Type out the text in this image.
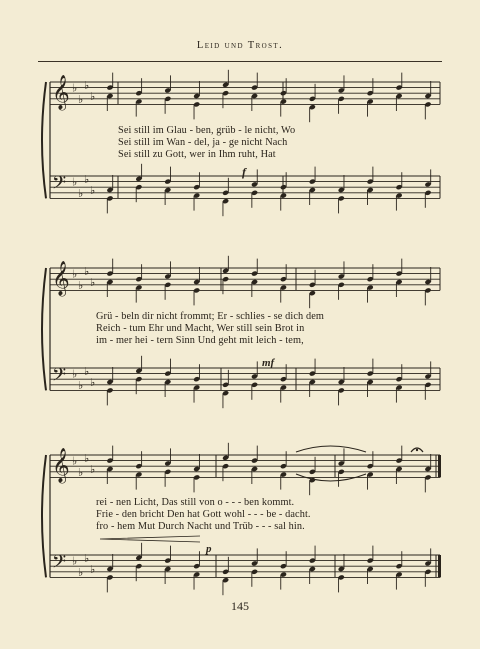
Leid und Trost.
𝄞 ♭
♭
♭
♭
𝄢 ♭
♭
♭
♭
𝄞 ♭
♭
♭
♭
𝄢 ♭
♭
♭
♭
𝄞 ♭
♭
♭
♭
𝄢 ♭
♭
♭
♭
f
mf
p
Sei still im Glau - ben, grüb - le nicht, Wo
Sei still im Wan - del, ja - ge nicht Nach
Sei still zu Gott, wer in Ihm ruht, Hat
Grü - beln dir nicht frommt; Er - schlies - se dich dem
Reich - tum Ehr und Macht, Wer still sein Brot in
im - mer hei - tern Sinn Und geht mit leich - tem,
rei - nen Licht, Das still von o - - - ben kommt.
Frie - den bricht Den hat Gott wohl - - - be - dacht.
fro - hem Mut Durch Nacht und Trüb - - - sal hin.
145
